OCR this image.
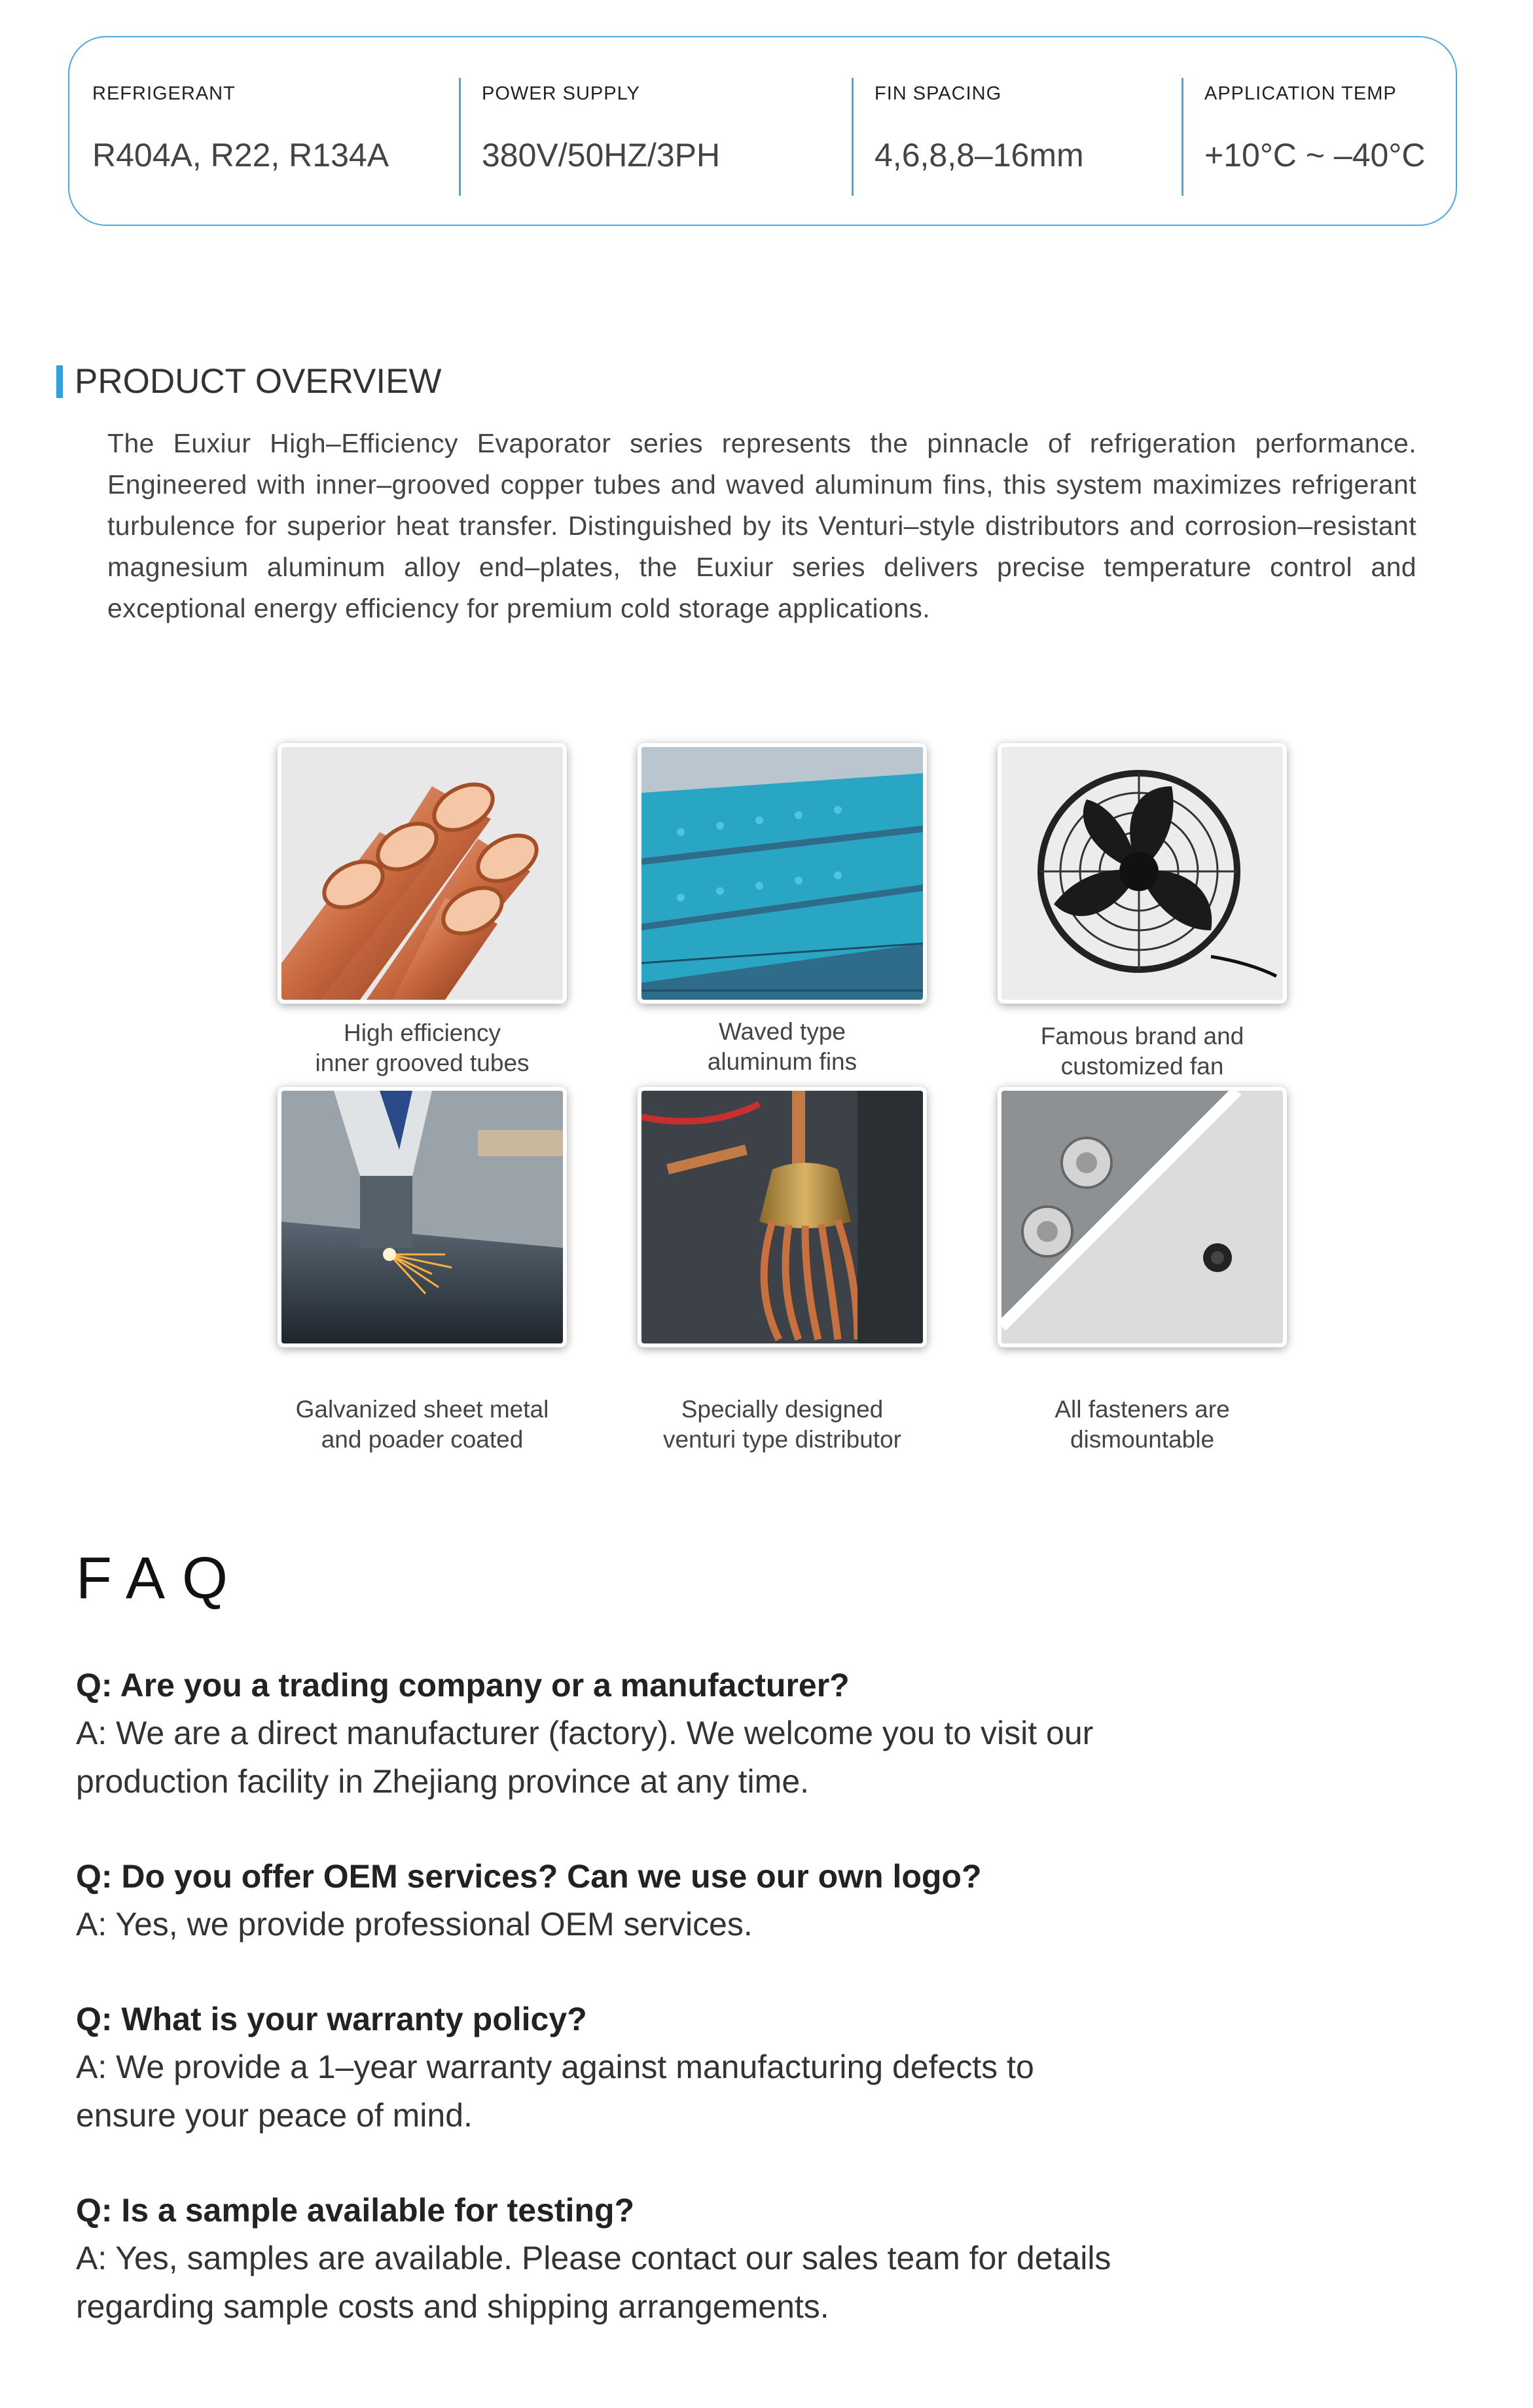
REFRIGERANT
R404A, R22, R134A
POWER SUPPLY
380V/50HZ/3PH
FIN SPACING
4,6,8,8–16mm
APPLICATION TEMP
+10°C ~ –40°C
PRODUCT OVERVIEW
The Euxiur High–Efficiency Evaporator series represents the pinnacle of refrigeration performance. Engineered with inner–grooved copper tubes and waved aluminum fins, this system maximizes refrigerant turbulence for superior heat transfer. Distinguished by its Venturi–style distributors and corrosion–resistant magnesium aluminum alloy end–plates, the Euxiur series delivers precise temperature control and exceptional energy efficiency for premium cold storage applications.
High efficiency
inner grooved tubes
Waved type
aluminum fins
Famous brand and
customized fan
Galvanized sheet metal
and poader coated
Specially designed
venturi type distributor
All fasteners are
dismountable
FAQ
Q: Are you a trading company or a manufacturer?
A: We are a direct manufacturer (factory). We welcome you to visit our
production facility in Zhejiang province at any time.
Q: Do you offer OEM services? Can we use our own logo?
A: Yes, we provide professional OEM services.
Q: What is your warranty policy?
A: We provide a 1–year warranty against manufacturing defects to
ensure your peace of mind.
Q: Is a sample available for testing?
A: Yes, samples are available. Please contact our sales team for details
regarding sample costs and shipping arrangements.
